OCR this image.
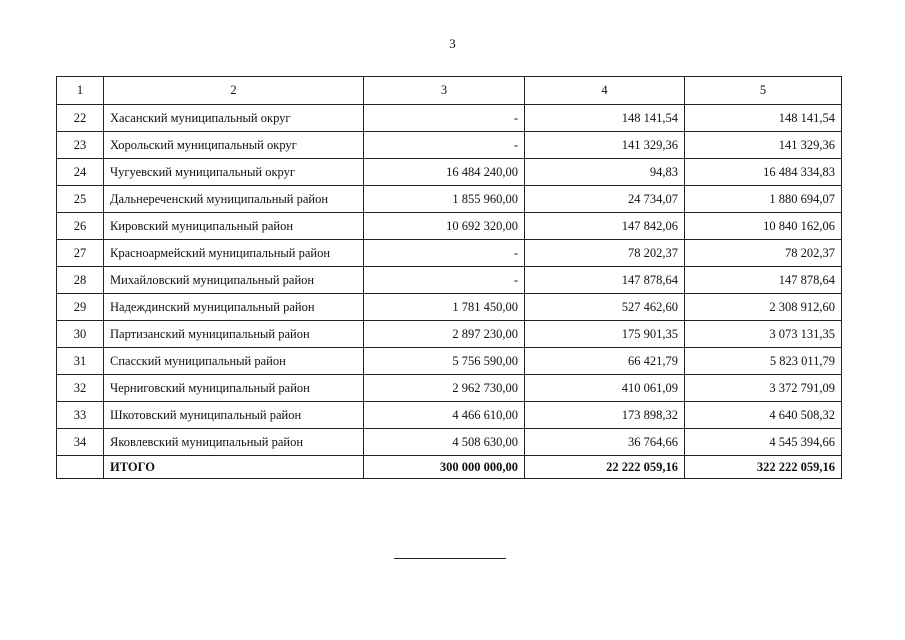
3
1	2	3	4	5
22	Хасанский муниципальный округ	-	148 141,54	148 141,54
23	Хорольский муниципальный округ	-	141 329,36	141 329,36
24	Чугуевский муниципальный округ	16 484 240,00	94,83	16 484 334,83
25	Дальнереченский муниципальный район	1 855 960,00	24 734,07	1 880 694,07
26	Кировский муниципальный район	10 692 320,00	147 842,06	10 840 162,06
27	Красноармейский муниципальный район	-	78 202,37	78 202,37
28	Михайловский муниципальный район	-	147 878,64	147 878,64
29	Надеждинский муниципальный район	1 781 450,00	527 462,60	2 308 912,60
30	Партизанский муниципальный район	2 897 230,00	175 901,35	3 073 131,35
31	Спасский муниципальный район	5 756 590,00	66 421,79	5 823 011,79
32	Черниговский муниципальный район	2 962 730,00	410 061,09	3 372 791,09
33	Шкотовский муниципальный район	4 466 610,00	173 898,32	4 640 508,32
34	Яковлевский муниципальный район	4 508 630,00	36 764,66	4 545 394,66
	ИТОГО	300 000 000,00	22 222 059,16	322 222 059,16
